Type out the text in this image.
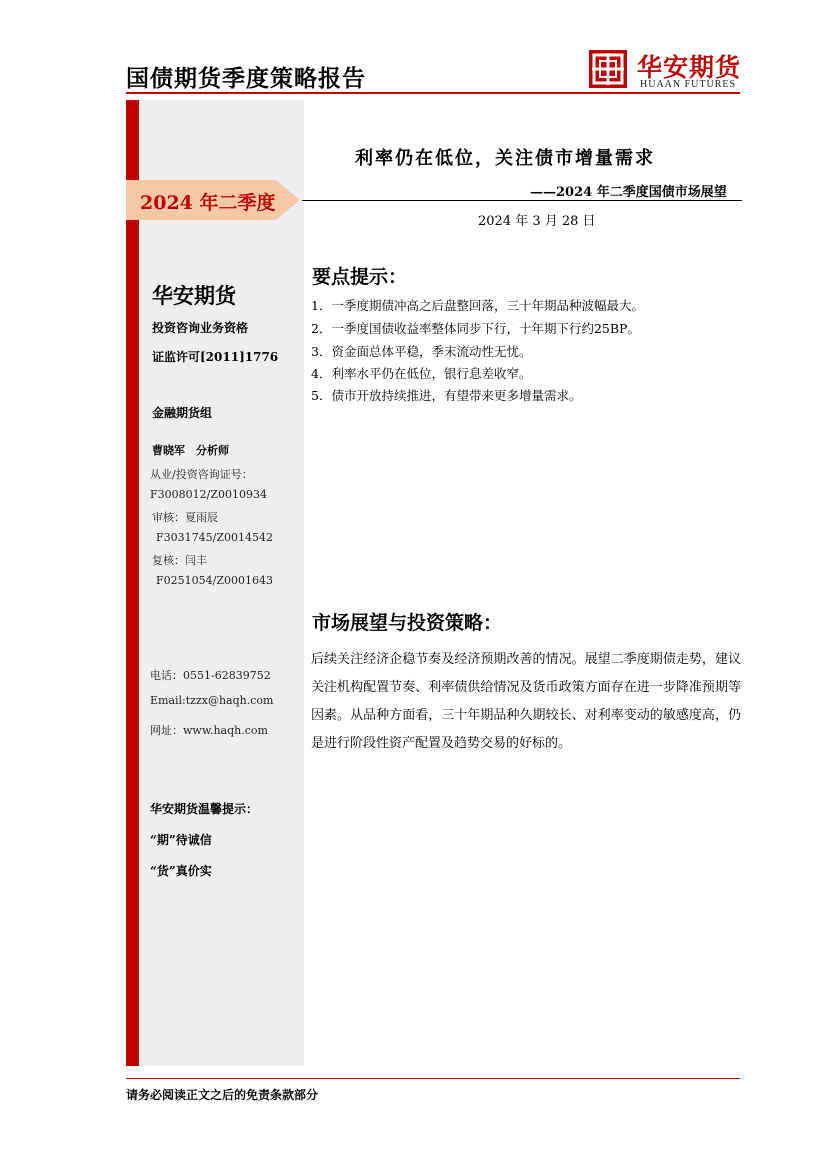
国债期货季度策略报告	华安期货
HUAAN FUTURES
2024 年二季度
利率仍在低位，关注债市增量需求
——2024 年二季度国债市场展望
2024 年 3 月 28 日
华安期货
投资咨询业务资格
证监许可[2011]1776
金融期货组
曹晓军　分析师
从业/投资咨询证号：
F3008012/Z0010934
审核：夏雨辰
F3031745/Z0014542
复核：闫丰
F0251054/Z0001643
电话：0551-62839752
Email:tzzx@haqh.com
网址：www.haqh.com
华安期货温馨提示：
“期”待诚信
“货”真价实
要点提示：
1．一季度期债冲高之后盘整回落，三十年期品种波幅最大。
2．一季度国债收益率整体同步下行，十年期下行约25BP。
3．资金面总体平稳，季末流动性无忧。
4．利率水平仍在低位，银行息差收窄。
5．债市开放持续推进，有望带来更多增量需求。
市场展望与投资策略：
后续关注经济企稳节奏及经济预期改善的情况。展望二季度期债走势，建议关注机构配置节奏、利率债供给情况及货币政策方面存在进一步降准预期等因素。从品种方面看，三十年期品种久期较长、对利率变动的敏感度高，仍是进行阶段性资产配置及趋势交易的好标的。
请务必阅读正文之后的免责条款部分
